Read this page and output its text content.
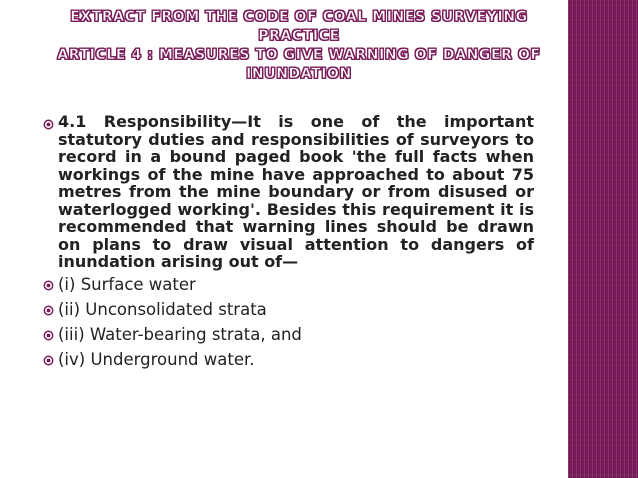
EXTRACT FROM THE CODE OF COAL MINES SURVEYING
PRACTICE
ARTICLE 4 : MEASURES TO GIVE WARNING OF DANGER OF
INUNDATION
4.1 Responsibility—It is one of the important statutory duties and responsibilities of surveyors to record in a bound paged book 'the full facts when workings of the mine have approached to about 75 metres from the mine boundary or from disused or waterlogged working'. Besides this requirement it is recommended that warning lines should be drawn on plans to draw visual attention to dangers of inundation arising out of—
(i) Surface water
(ii) Unconsolidated strata
(iii) Water-bearing strata, and
(iv) Underground water.
